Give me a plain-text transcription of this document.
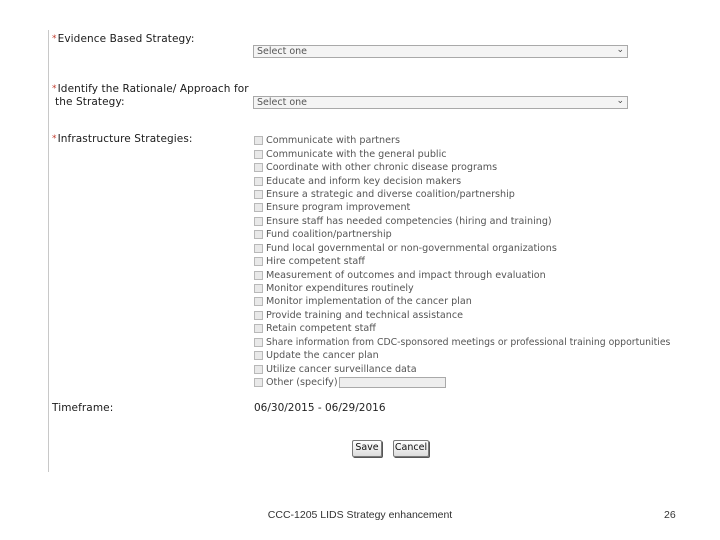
*Evidence Based Strategy:
Select one	⌄
*Identify the Rationale/ Approach for
the Strategy:	Select one	⌄
*Infrastructure Strategies:	Communicate with partners
Communicate with the general public
Coordinate with other chronic disease programs
Educate and inform key decision makers
Ensure a strategic and diverse coalition/partnership
Ensure program improvement
Ensure staff has needed competencies (hiring and training)
Fund coalition/partnership
Fund local governmental or non-governmental organizations
Hire competent staff
Measurement of outcomes and impact through evaluation
Monitor expenditures routinely
Monitor implementation of the cancer plan
Provide training and technical assistance
Retain competent staff
Share information from CDC-sponsored meetings or professional training opportunities
Update the cancer plan
Utilize cancer surveillance data
Other (specify)
Timeframe:	06/30/2015 - 06/29/2016
Save	Cancel
CCC-1205 LIDS Strategy enhancement	26
